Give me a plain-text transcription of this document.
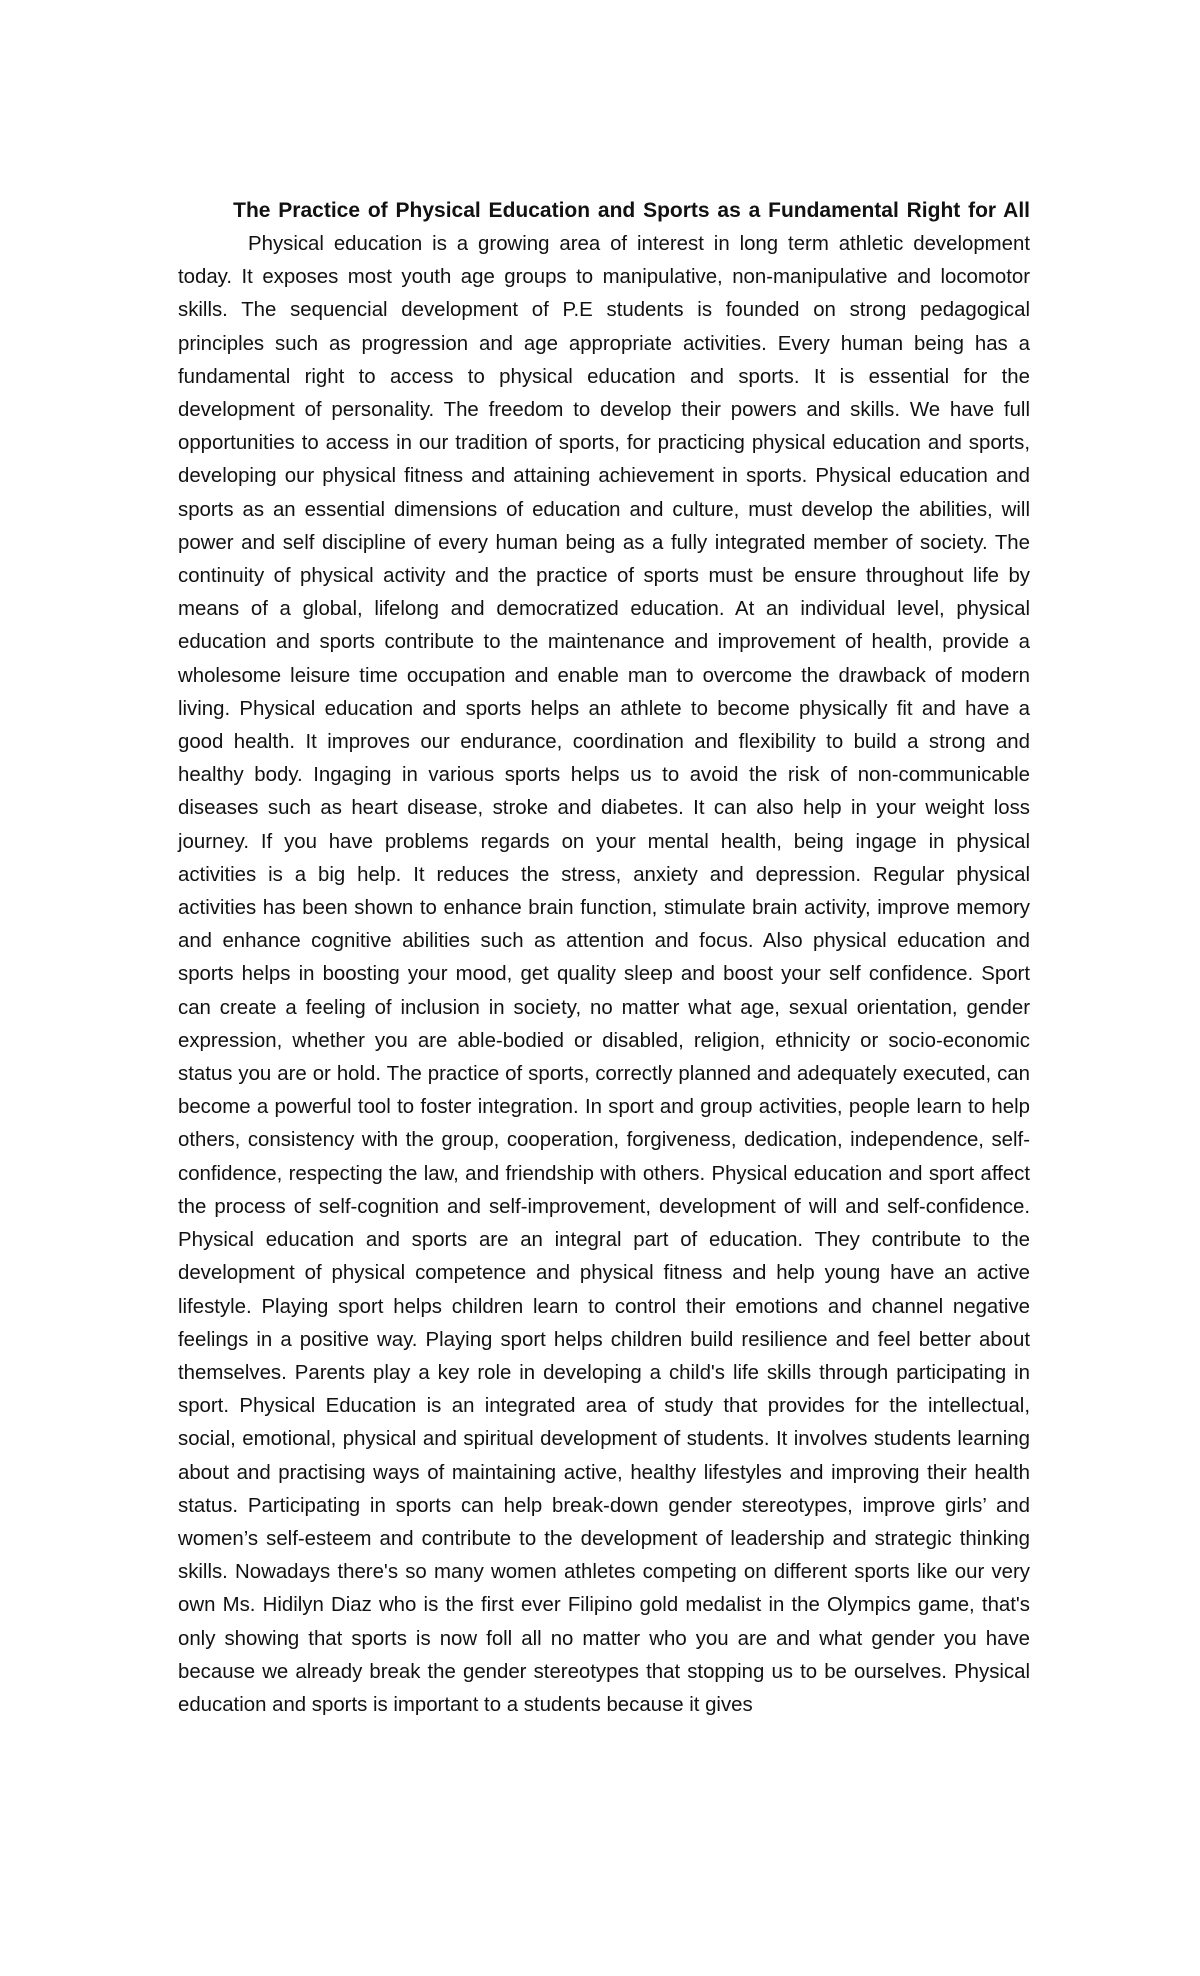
The Practice of Physical Education and Sports as a Fundamental Right for All

Physical education is a growing area of interest in long term athletic development today. It exposes most youth age groups to manipulative, non-manipulative and locomotor skills. The sequencial development of P.E students is founded on strong pedagogical principles such as progression and age appropriate activities. Every human being has a fundamental right to access to physical education and sports. It is essential for the development of personality. The freedom to develop their powers and skills. We have full opportunities to access in our tradition of sports, for practicing physical education and sports, developing our physical fitness and attaining achievement in sports. Physical education and sports as an essential dimensions of education and culture, must develop the abilities, will power and self discipline of every human being as a fully integrated member of society. The continuity of physical activity and the practice of sports must be ensure throughout life by means of a global, lifelong and democratized education. At an individual level, physical education and sports contribute to the maintenance and improvement of health, provide a wholesome leisure time occupation and enable man to overcome the drawback of modern living. Physical education and sports helps an athlete to become physically fit and have a good health. It improves our endurance, coordination and flexibility to build a strong and healthy body. Ingaging in various sports helps us to avoid the risk of non-communicable diseases such as heart disease, stroke and diabetes. It can also help in your weight loss journey. If you have problems regards on your mental health, being ingage in physical activities is a big help. It reduces the stress, anxiety and depression. Regular physical activities has been shown to enhance brain function, stimulate brain activity, improve memory and enhance cognitive abilities such as attention and focus. Also physical education and sports helps in boosting your mood, get quality sleep and boost your self confidence. Sport can create a feeling of inclusion in society, no matter what age, sexual orientation, gender expression, whether you are able-bodied or disabled, religion, ethnicity or socio-economic status you are or hold. The practice of sports, correctly planned and adequately executed, can become a powerful tool to foster integration. In sport and group activities, people learn to help others, consistency with the group, cooperation, forgiveness, dedication, independence, self-confidence, respecting the law, and friendship with others. Physical education and sport affect the process of self-cognition and self-improvement, development of will and self-confidence. Physical education and sports are an integral part of education. They contribute to the development of physical competence and physical fitness and help young have an active lifestyle. Playing sport helps children learn to control their emotions and channel negative feelings in a positive way. Playing sport helps children build resilience and feel better about themselves. Parents play a key role in developing a child's life skills through participating in sport. Physical Education is an integrated area of study that provides for the intellectual, social, emotional, physical and spiritual development of students. It involves students learning about and practising ways of maintaining active, healthy lifestyles and improving their health status. Participating in sports can help break-down gender stereotypes, improve girls’ and women’s self-esteem and contribute to the development of leadership and strategic thinking skills. Nowadays there's so many women athletes competing on different sports like our very own Ms. Hidilyn Diaz who is the first ever Filipino gold medalist in the Olympics game, that's only showing that sports is now foll all no matter who you are and what gender you have because we already break the gender stereotypes that stopping us to be ourselves. Physical education and sports is important to a students because it gives
